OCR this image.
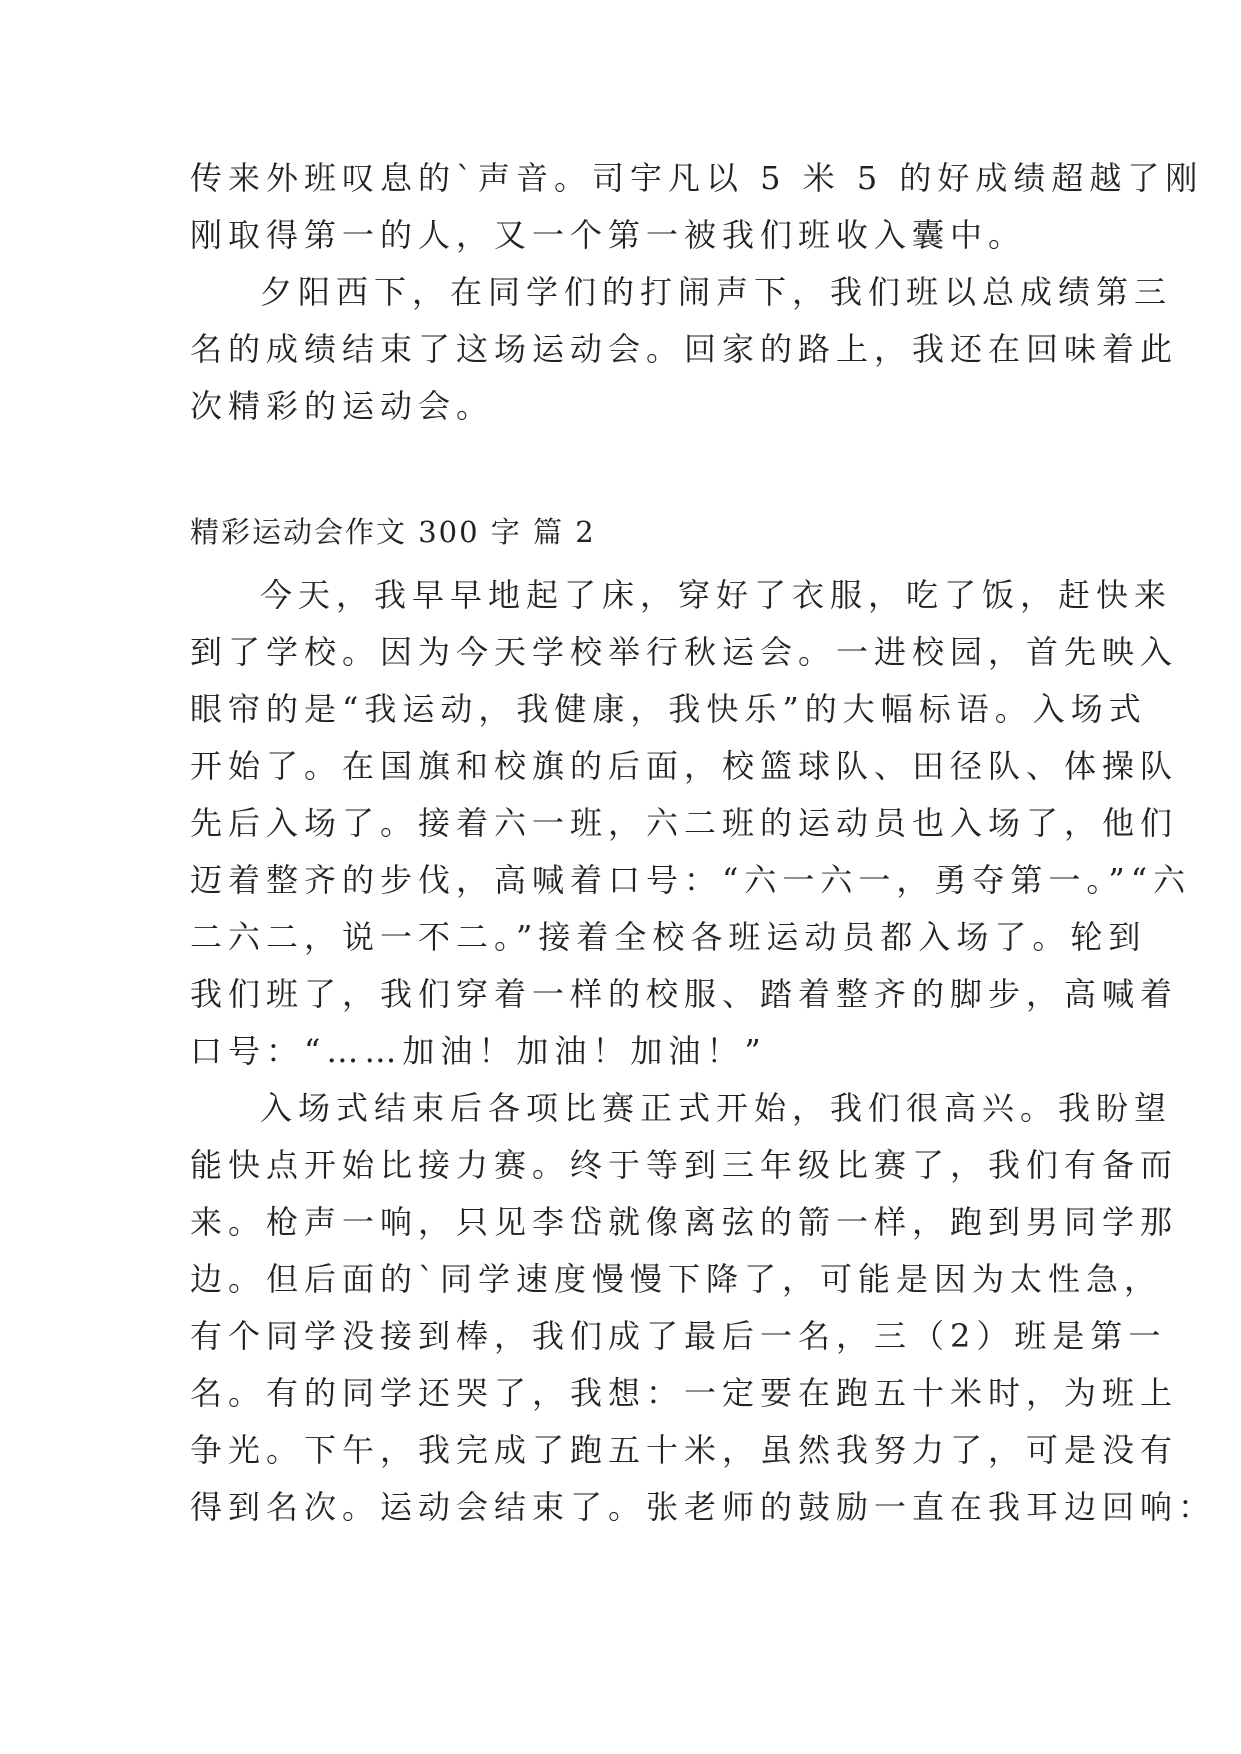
传来外班叹息的`声音。司宇凡以 5 米 5 的好成绩超越了刚
刚取得第一的人，又一个第一被我们班收入囊中。
夕阳西下，在同学们的打闹声下，我们班以总成绩第三
名的成绩结束了这场运动会。回家的路上，我还在回味着此
次精彩的运动会。
精彩运动会作文 300 字 篇 2
今天，我早早地起了床，穿好了衣服，吃了饭，赶快来
到了学校。因为今天学校举行秋运会。一进校园，首先映入
眼帘的是“我运动，我健康，我快乐”的大幅标语。入场式
开始了。在国旗和校旗的后面，校篮球队、田径队、体操队
先后入场了。接着六一班，六二班的运动员也入场了，他们
迈着整齐的步伐，高喊着口号：“六一六一，勇夺第一。”“六
二六二，说一不二。”接着全校各班运动员都入场了。轮到
我们班了，我们穿着一样的校服、踏着整齐的脚步，高喊着
口号：“……加油！加油！加油！”
入场式结束后各项比赛正式开始，我们很高兴。我盼望
能快点开始比接力赛。终于等到三年级比赛了，我们有备而
来。枪声一响，只见李岱就像离弦的箭一样，跑到男同学那
边。但后面的`同学速度慢慢下降了，可能是因为太性急，
有个同学没接到棒，我们成了最后一名，三（2）班是第一
名。有的同学还哭了，我想：一定要在跑五十米时，为班上
争光。下午，我完成了跑五十米，虽然我努力了，可是没有
得到名次。运动会结束了。张老师的鼓励一直在我耳边回响：
